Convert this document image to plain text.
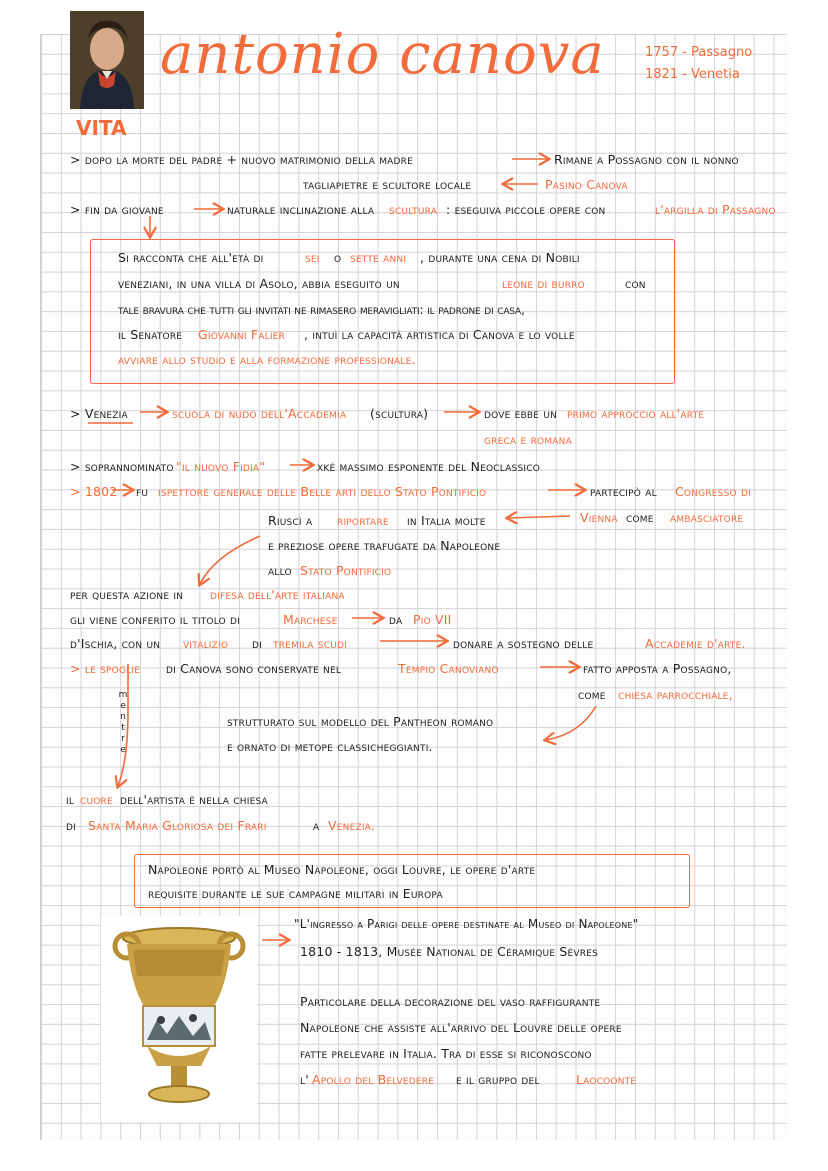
antonio canova	1757 - Passagno
1821 - Venetia
VITA
> dopo la morte del padre + nuovo matrimonio della madre	Rimane a Possagno con il nonno
tagliapietre e scultore locale	Pasino Canova
> fin da giovane	naturale inclinazione alla scultura : eseguiva piccole opere con	l'argilla di Passagno
Si racconta che all'età di	sei o sette anni , durante una cena di Nobili
veneziani, in una villa di Asolo, abbia eseguito un	leone di burro	con
tale bravura che tutti gli invitati ne rimasero meravigliati: il padrone di casa,
il Senatore Giovanni Falier , intuì la capacità artistica di Canova e lo volle
avviare allo studio e alla formazione professionale.
> Venezia	scuola di nudo dell'Accademia (scultura)	dove ebbe un primo approccio all'arte
greca e romana
> soprannominato "il nuovo Fidia"	xké massimo esponente del Neoclassico
> 1802 fu ispettore generale delle Belle arti dello Stato Pontificio	partecipò al Congresso di
Vienna come ambasciatore
Riuscì a riportare in Italia molte
e preziose opere trafugate da Napoleone
allo Stato Pontificio
per questa azione in difesa dell'arte italiana
gli viene conferito il titolo di	Marchese	da Pio VII
d'Ischia, con un vitalizio di tremila scudi	donare a sostegno delle	Accademie d'arte.
> le spoglie di Canova sono conservate nel	Tempio Canoviano	fatto apposta a Possagno,
come chiesa parrocchiale,
strutturato sul modello del Pantheon romano
e ornato di metope classicheggianti.
m
e
n
t
r
e
il cuore dell'artista è nella chiesa
di Santa Maria Gloriosa dei Frari	a Venezia.
Napoleone portò al Museo Napoleone, oggi Louvre, le opere d'arte
requisite durante le sue campagne militari in Europa
"L'ingresso a Parigi delle opere destinate al Museo di Napoleone"
1810 - 1813, Musée National de Céramique Sèvres
Particolare della decorazione del vaso raffigurante
Napoleone che assiste all'arrivo del Louvre delle opere
fatte prelevare in Italia. Tra di esse si riconoscono
l' Apollo del Belvedere e il gruppo del	Laocoonte
